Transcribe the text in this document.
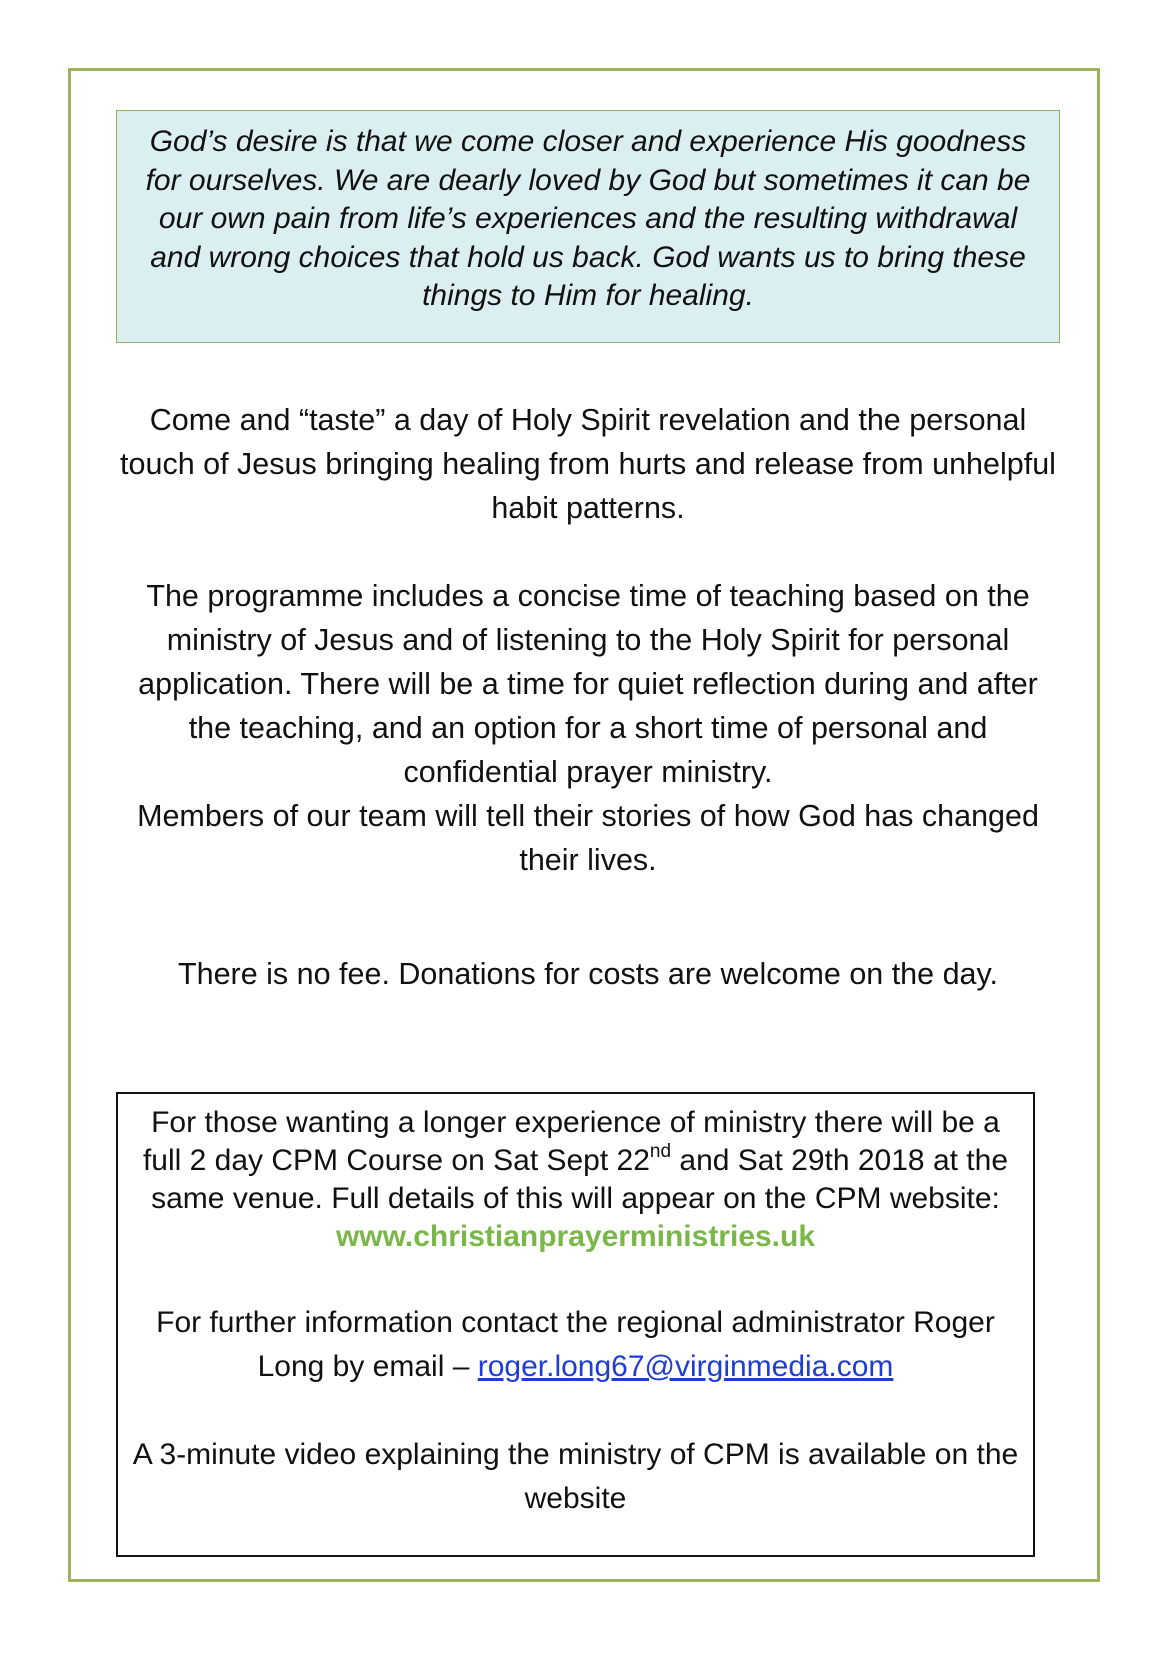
God’s desire is that we come closer and experience His goodness for ourselves. We are dearly loved by God but sometimes it can be our own pain from life’s experiences and the resulting withdrawal and wrong choices that hold us back. God wants us to bring these things to Him for healing.
Come and “taste” a day of Holy Spirit revelation and the personal touch of Jesus bringing healing from hurts and release from unhelpful habit patterns.
The programme includes a concise time of teaching based on the ministry of Jesus and of listening to the Holy Spirit for personal application. There will be a time for quiet reflection during and after the teaching, and an option for a short time of personal and confidential prayer ministry.
Members of our team will tell their stories of how God has changed their lives.
There is no fee. Donations for costs are welcome on the day.
For those wanting a longer experience of ministry there will be a full 2 day CPM Course on Sat Sept 22nd and Sat 29th 2018 at the same venue. Full details of this will appear on the CPM website: www.christianprayerministries.uk
For further information contact the regional administrator Roger Long by email – roger.long67@virginmedia.com
A 3-minute video explaining the ministry of CPM is available on the website
